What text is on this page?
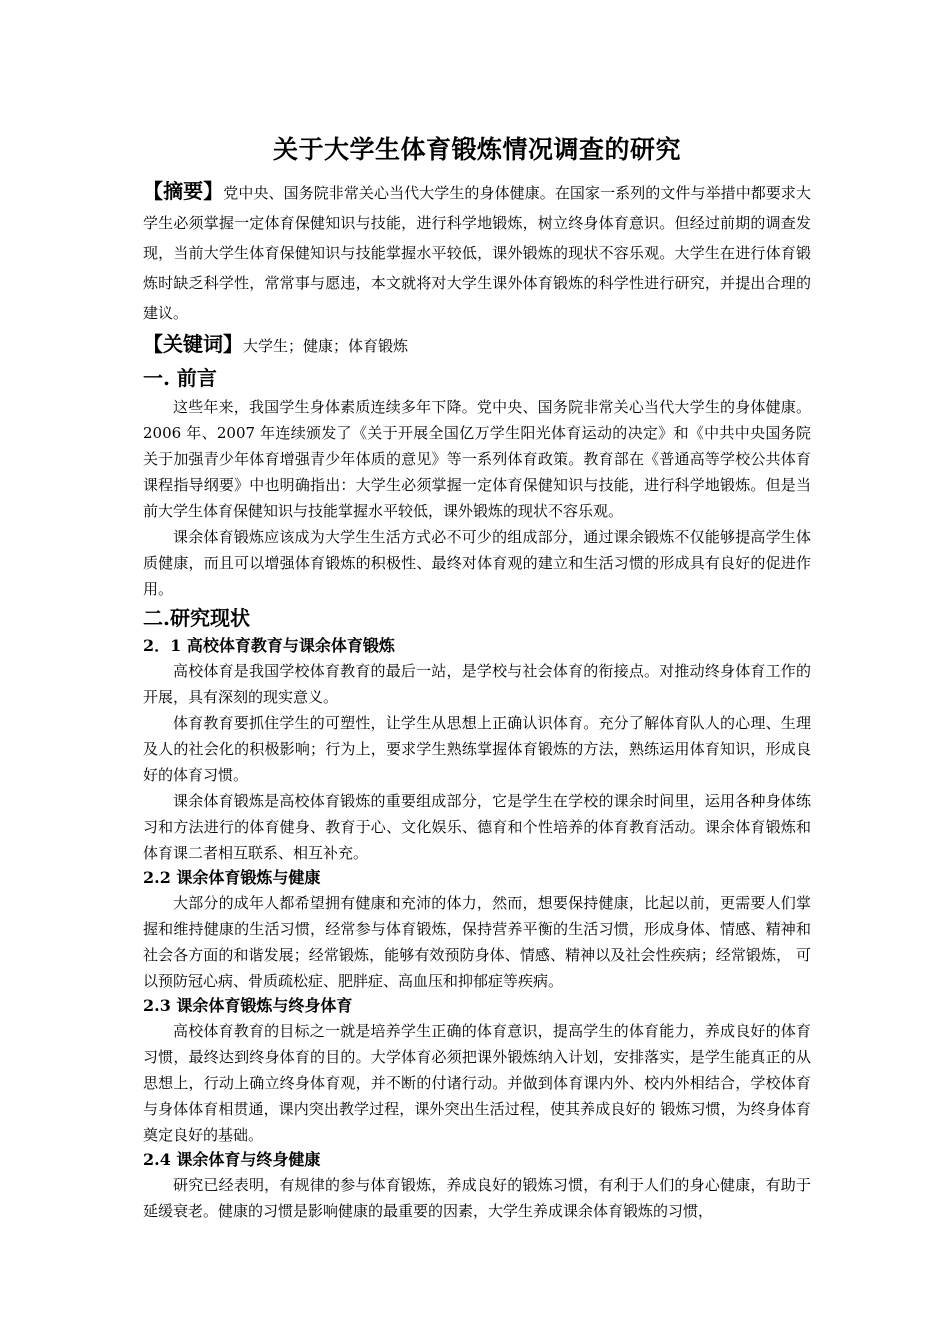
关于大学生体育锻炼情况调查的研究

【摘要】党中央、国务院非常关心当代大学生的身体健康。在国家一系列的文件与举措中都要求大学生必须掌握一定体育保健知识与技能，进行科学地锻炼，树立终身体育意识。但经过前期的调查发现，当前大学生体育保健知识与技能掌握水平较低，课外锻炼的现状不容乐观。大学生在进行体育锻炼时缺乏科学性，常常事与愿违，本文就将对大学生课外体育锻炼的科学性进行研究，并提出合理的建议。

【关键词】大学生；健康；体育锻炼

一. 前言

这些年来，我国学生身体素质连续多年下降。党中央、国务院非常关心当代大学生的身体健康。2006 年、2007 年连续颁发了《关于开展全国亿万学生阳光体育运动的决定》和《中共中央国务院关于加强青少年体育增强青少年体质的意见》等一系列体育政策。教育部在《普通高等学校公共体育课程指导纲要》中也明确指出：大学生必须掌握一定体育保健知识与技能，进行科学地锻炼。但是当前大学生体育保健知识与技能掌握水平较低，课外锻炼的现状不容乐观。

课余体育锻炼应该成为大学生生活方式必不可少的组成部分，通过课余锻炼不仅能够提高学生体质健康，而且可以增强体育锻炼的积极性、最终对体育观的建立和生活习惯的形成具有良好的促进作用。

二.研究现状
2．1 高校体育教育与课余体育锻炼

高校体育是我国学校体育教育的最后一站，是学校与社会体育的衔接点。对推动终身体育工作的开展，具有深刻的现实意义。

体育教育要抓住学生的可塑性，让学生从思想上正确认识体育。充分了解体育队人的心理、生理及人的社会化的积极影响；行为上，要求学生熟练掌握体育锻炼的方法，熟练运用体育知识，形成良好的体育习惯。

课余体育锻炼是高校体育锻炼的重要组成部分，它是学生在学校的课余时间里，运用各种身体练习和方法进行的体育健身、教育于心、文化娱乐、德育和个性培养的体育教育活动。课余体育锻炼和体育课二者相互联系、相互补充。

2.2 课余体育锻炼与健康

大部分的成年人都希望拥有健康和充沛的体力，然而，想要保持健康，比起以前，更需要人们掌握和维持健康的生活习惯，经常参与体育锻炼，保持营养平衡的生活习惯，形成身体、情感、精神和社会各方面的和谐发展；经常锻炼，能够有效预防身体、情感、精神以及社会性疾病；经常锻炼， 可以预防冠心病、骨质疏松症、肥胖症、高血压和抑郁症等疾病。

2.3 课余体育锻炼与终身体育

高校体育教育的目标之一就是培养学生正确的体育意识，提高学生的体育能力，养成良好的体育习惯，最终达到终身体育的目的。大学体育必须把课外锻炼纳入计划，安排落实，是学生能真正的从思想上，行动上确立终身体育观，并不断的付诸行动。并做到体育课内外、校内外相结合，学校体育与身体体育相贯通，课内突出教学过程，课外突出生活过程，使其养成良好的 锻炼习惯，为终身体育奠定良好的基础。

2.4 课余体育与终身健康

研究已经表明，有规律的参与体育锻炼，养成良好的锻炼习惯，有利于人们的身心健康，有助于延缓衰老。健康的习惯是影响健康的最重要的因素，大学生养成课余体育锻炼的习惯，
